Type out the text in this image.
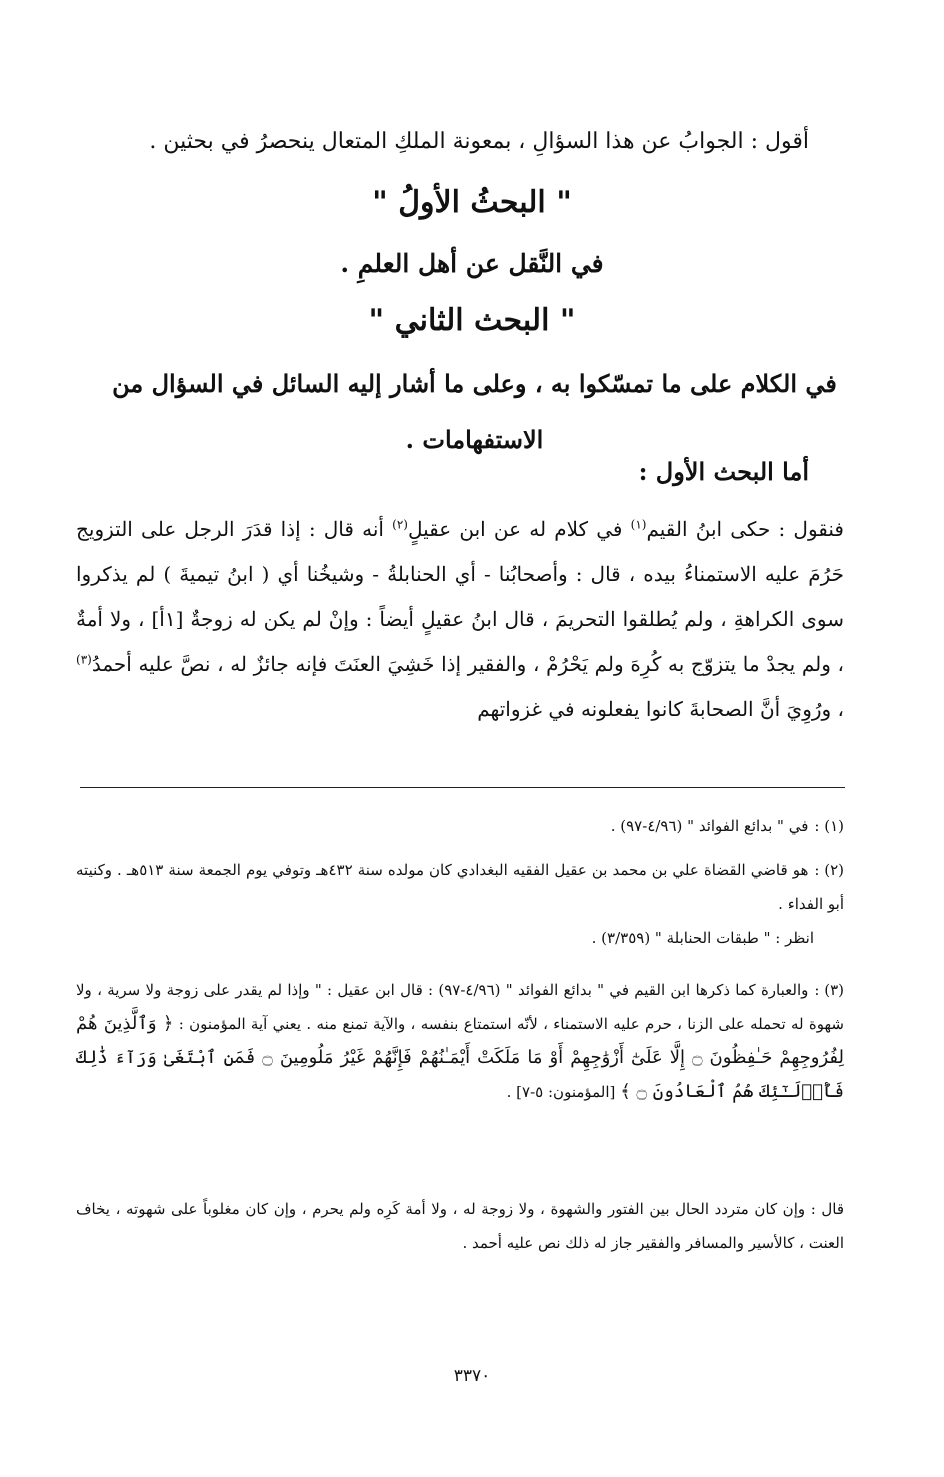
أقول : الجوابُ عن هذا السؤالِ ، بمعونة الملكِ المتعال ينحصرُ في بحثين .
" البحثُ الأولُ "
في النَّقل عن أهل العلمِ .
" البحث الثاني "
في الكلام على ما تمسّكوا به ، وعلى ما أشار إليه السائل في السؤال من الاستفهامات .
أما البحث الأول :
فنقول : حكى ابنُ القيم$^{(١)}$ في كلام له عن ابن عقيلٍ$^{(٢)}$ أنه قال : إذا قدَرَ الرجل على التزويج حَرُمَ عليه الاستمناءُ بيده ، قال : وأصحابُنا - أي الحنابلةُ - وشيخُنا أي ( ابنُ تيميةَ ) لم يذكروا سوى الكراهةِ ، ولم يُطلقوا التحريمَ ، قال ابنُ عقيلٍ أيضاً : وإنْ لم يكن له زوجةٌ [١أ] ، ولا أمةٌ ، ولم يجدْ ما يتزوّج به كُرِهَ ولم يَحْرُمْ ، والفقير إذا خَشِيَ العنَتَ فإنه جائزٌ له ، نصَّ عليه أحمدُ$^{(٣)}$ ، ورُوِيَ أنَّ الصحابةَ كانوا يفعلونه في غزواتهم
(١) :في " بدائع الفوائد " (٤/٩٦-٩٧) .
(٢) :هو قاضي القضاة علي بن محمد بن عقيل الفقيه البغدادي كان مولده سنة ٤٣٢هـ وتوفي يوم الجمعة سنة ٥١٣هـ . وكنيته أبو الفداء .
انظر : " طبقات الحنابلة " (٣/٣٥٩) .
(٣) :والعبارة كما ذكرها ابن القيم في " بدائع الفوائد " (٤/٩٦-٩٧) : قال ابن عقيل : " وإذا لم يقدر على زوجة ولا سرية ، ولا شهوة له تحمله على الزنا ، حرم عليه الاستمناء ، لأنّه استمتاع بنفسه ، والآية تمنع منه . يعني آية المؤمنون : ﴿ وَٱلَّذِينَ هُمْ لِفُرُوجِهِمْ حَـٰفِظُونَ ۝ إِلَّا عَلَىٰٓ أَزْوَٰجِهِمْ أَوْ مَا مَلَكَتْ أَيْمَـٰنُهُمْ فَإِنَّهُمْ غَيْرُ مَلُومِينَ ۝ فَمَنِ ٱبْتَغَىٰ وَرَآءَ ذَٰلِكَ فَأُو۟لَـٰٓئِكَ هُمُ ٱلْعَادُونَ ۝ ﴾ [المؤمنون: ٥-٧] .
قال : وإن كان متردد الحال بين الفتور والشهوة ، ولا زوجة له ، ولا أمة كَرِه ولم يحرم ، وإن كان مغلوباً على شهوته ، يخاف العنت ، كالأسير والمسافر والفقير جاز له ذلك نص عليه أحمد .
٣٣٧٠
